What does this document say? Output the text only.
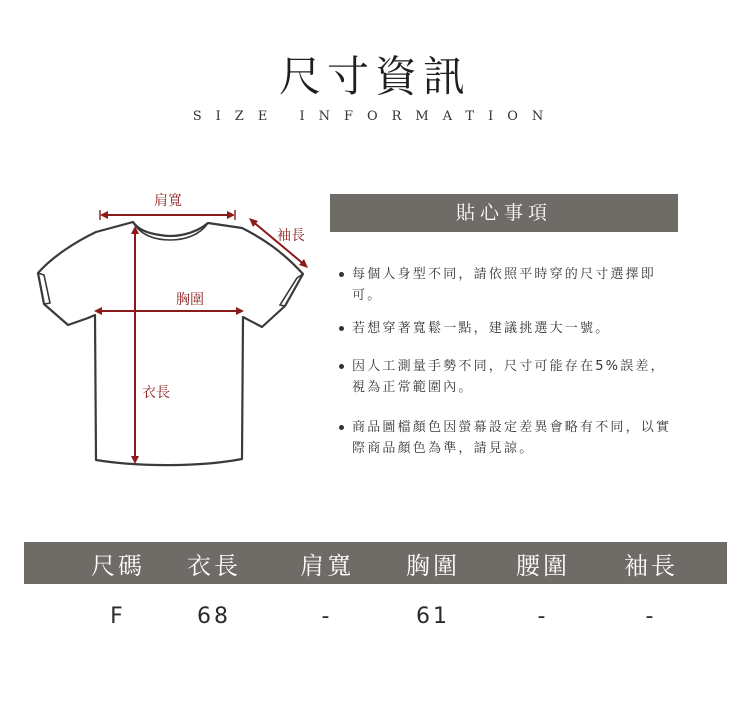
尺寸資訊
SIZE INFORMATION
肩寬
袖長
胸圍
衣長
貼心事項
每個人身型不同，請依照平時穿的尺寸選擇即可。
若想穿著寬鬆一點，建議挑選大一號。
因人工測量手勢不同，尺寸可能存在5%誤差，視為正常範圍內。
商品圖檔顏色因螢幕設定差異會略有不同，以實際商品顏色為準，請見諒。
尺碼	衣長	肩寬	胸圍	腰圍	袖長
F	68	-	61	-	-
